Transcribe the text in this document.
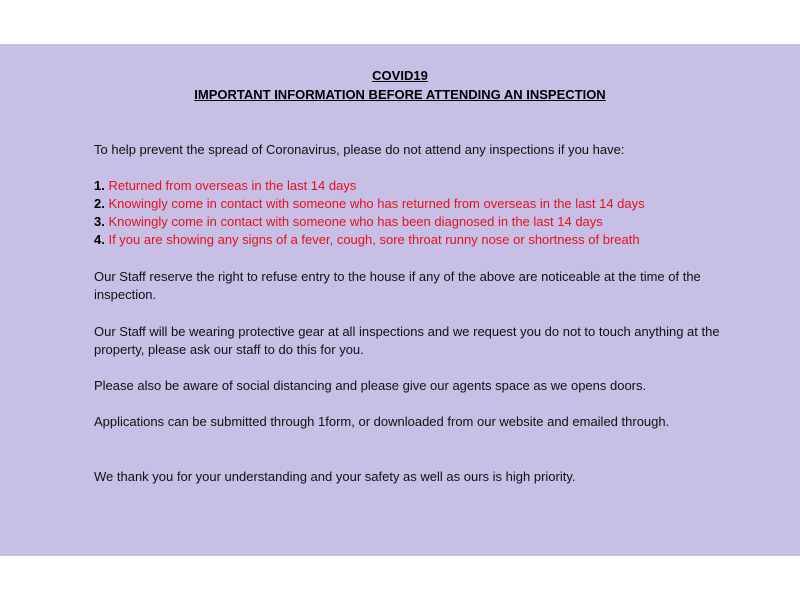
COVID19
IMPORTANT INFORMATION BEFORE ATTENDING AN INSPECTION
To help prevent the spread of Coronavirus, please do not attend any inspections if you have:
1. Returned from overseas in the last 14 days
2. Knowingly come in contact with someone who has returned from overseas in the last 14 days
3. Knowingly come in contact with someone who has been diagnosed in the last 14 days
4. If you are showing any signs of a fever, cough, sore throat runny nose or shortness of breath
Our Staff reserve the right to refuse entry to the house if any of the above are noticeable at the time of the inspection.
Our Staff will be wearing protective gear at all inspections and we request you do not to touch anything at the property, please ask our staff to do this for you.
Please also be aware of social distancing and please give our agents space as we opens doors.
Applications can be submitted through 1form, or downloaded from our website and emailed through.
We thank you for your understanding and your safety as well as ours is high priority.
